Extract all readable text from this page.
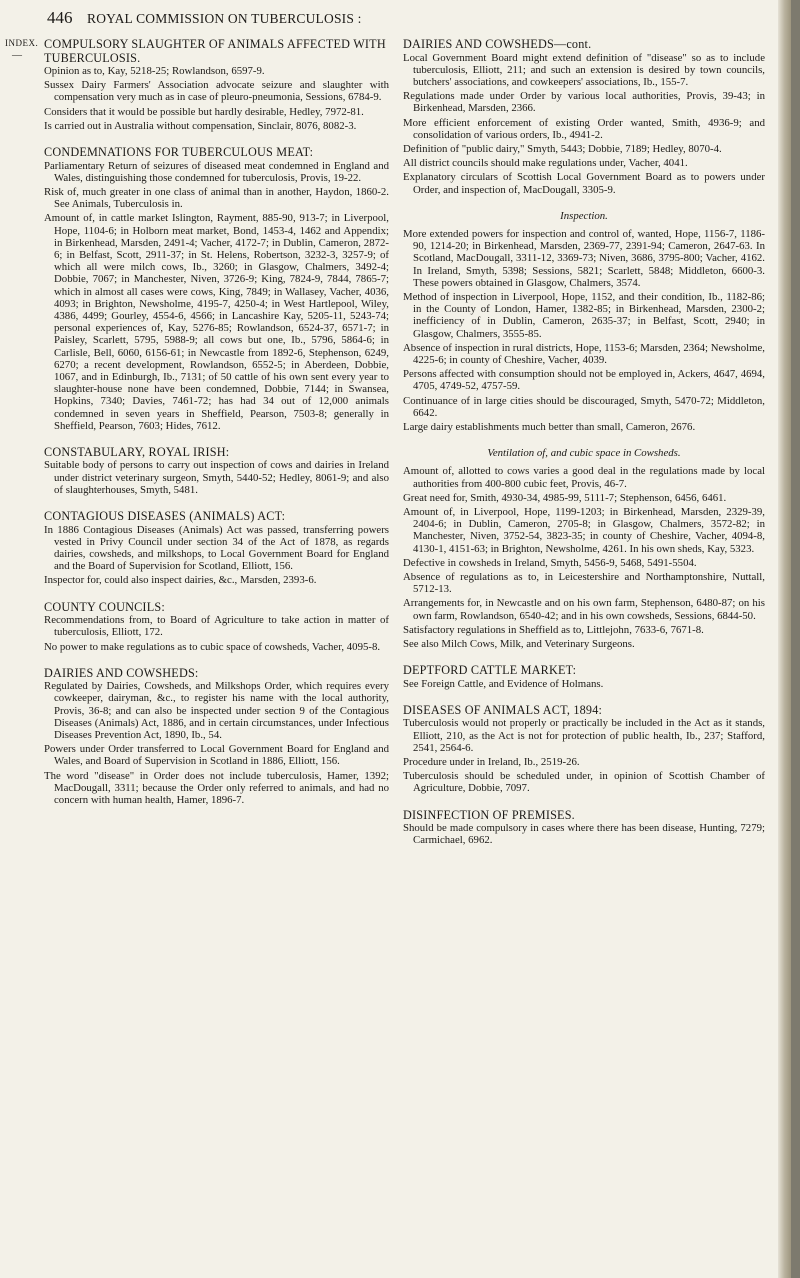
446 ROYAL COMMISSION ON TUBERCULOSIS :
INDEX.
—
COMPULSORY SLAUGHTER OF ANIMALS AFFECTED WITH TUBERCULOSIS.

Opinion as to, Kay, 5218-25; Rowlandson, 6597-9.

Sussex Dairy Farmers' Association advocate seizure and slaughter with compensation very much as in case of pleuro-pneumonia, Sessions, 6784-9.

Considers that it would be possible but hardly desirable, Hedley, 7972-81.

Is carried out in Australia without compensation, Sinclair, 8076, 8082-3.

CONDEMNATIONS FOR TUBERCULOUS MEAT:

Parliamentary Return of seizures of diseased meat condemned in England and Wales, distinguishing those condemned for tuberculosis, Provis, 19-22.

Risk of, much greater in one class of animal than in another, Haydon, 1860-2. See Animals, Tuberculosis in.

Amount of, in cattle market Islington, Rayment, 885-90, 913-7; in Liverpool, Hope, 1104-6; in Holborn meat market, Bond, 1453-4, 1462 and Appendix; in Birkenhead, Marsden, 2491-4; Vacher, 4172-7; in Dublin, Cameron, 2872-6; in Belfast, Scott, 2911-37; in St. Helens, Robertson, 3232-3, 3257-9; of which all were milch cows, Ib., 3260; in Glasgow, Chalmers, 3492-4; Dobbie, 7067; in Manchester, Niven, 3726-9; King, 7824-9, 7844, 7865-7; which in almost all cases were cows, King, 7849; in Wallasey, Vacher, 4036, 4093; in Brighton, Newsholme, 4195-7, 4250-4; in West Hartlepool, Wiley, 4386, 4499; Gourley, 4554-6, 4566; in Lancashire Kay, 5205-11, 5243-74; personal experiences of, Kay, 5276-85; Rowlandson, 6524-37, 6571-7; in Paisley, Scarlett, 5795, 5988-9; all cows but one, Ib., 5796, 5864-6; in Carlisle, Bell, 6060, 6156-61; in Newcastle from 1892-6, Stephenson, 6249, 6270; a recent development, Rowlandson, 6552-5; in Aberdeen, Dobbie, 1067, and in Edinburgh, Ib., 7131; of 50 cattle of his own sent every year to slaughter-house none have been condemned, Dobbie, 7144; in Swansea, Hopkins, 7340; Davies, 7461-72; has had 34 out of 12,000 animals condemned in seven years in Sheffield, Pearson, 7503-8; generally in Sheffield, Pearson, 7603; Hides, 7612.

CONSTABULARY, ROYAL IRISH:

Suitable body of persons to carry out inspection of cows and dairies in Ireland under district veterinary surgeon, Smyth, 5440-52; Hedley, 8061-9; and also of slaughterhouses, Smyth, 5481.

CONTAGIOUS DISEASES (ANIMALS) ACT:

In 1886 Contagious Diseases (Animals) Act was passed, transferring powers vested in Privy Council under section 34 of the Act of 1878, as regards dairies, cowsheds, and milkshops, to Local Government Board for England and the Board of Supervision for Scotland, Elliott, 156.

Inspector for, could also inspect dairies, &c., Marsden, 2393-6.

COUNTY COUNCILS:

Recommendations from, to Board of Agriculture to take action in matter of tuberculosis, Elliott, 172.

No power to make regulations as to cubic space of cowsheds, Vacher, 4095-8.

DAIRIES AND COWSHEDS:

Regulated by Dairies, Cowsheds, and Milkshops Order, which requires every cowkeeper, dairyman, &c., to register his name with the local authority, Provis, 36-8; and can also be inspected under section 9 of the Contagious Diseases (Animals) Act, 1886, and in certain circumstances, under Infectious Diseases Prevention Act, 1890, Ib., 54.

Powers under Order transferred to Local Government Board for England and Wales, and Board of Supervision in Scotland in 1886, Elliott, 156.

The word "disease" in Order does not include tuberculosis, Hamer, 1392; MacDougall, 3311; because the Order only referred to animals, and had no concern with human health, Hamer, 1896-7.

DAIRIES AND COWSHEDS—cont.

Local Government Board might extend definition of "disease" so as to include tuberculosis, Elliott, 211; and such an extension is desired by town councils, butchers' associations, and cowkeepers' associations, Ib., 155-7.

Regulations made under Order by various local authorities, Provis, 39-43; in Birkenhead, Marsden, 2366.

More efficient enforcement of existing Order wanted, Smith, 4936-9; and consolidation of various orders, Ib., 4941-2.

Definition of "public dairy," Smyth, 5443; Dobbie, 7189; Hedley, 8070-4.

All district councils should make regulations under, Vacher, 4041.

Explanatory circulars of Scottish Local Government Board as to powers under Order, and inspection of, MacDougall, 3305-9.

Inspection.

More extended powers for inspection and control of, wanted, Hope, 1156-7, 1186-90, 1214-20; in Birkenhead, Marsden, 2369-77, 2391-94; Cameron, 2647-63. In Scotland, MacDougall, 3311-12, 3369-73; Niven, 3686, 3795-800; Vacher, 4162. In Ireland, Smyth, 5398; Sessions, 5821; Scarlett, 5848; Middleton, 6600-3. These powers obtained in Glasgow, Chalmers, 3574.

Method of inspection in Liverpool, Hope, 1152, and their condition, Ib., 1182-86; in the County of London, Hamer, 1382-85; in Birkenhead, Marsden, 2300-2; inefficiency of in Dublin, Cameron, 2635-37; in Belfast, Scott, 2940; in Glasgow, Chalmers, 3555-85.

Absence of inspection in rural districts, Hope, 1153-6; Marsden, 2364; Newsholme, 4225-6; in county of Cheshire, Vacher, 4039.

Persons affected with consumption should not be employed in, Ackers, 4647, 4694, 4705, 4749-52, 4757-59.

Continuance of in large cities should be discouraged, Smyth, 5470-72; Middleton, 6642.

Large dairy establishments much better than small, Cameron, 2676.

Ventilation of, and cubic space in Cowsheds.

Amount of, allotted to cows varies a good deal in the regulations made by local authorities from 400-800 cubic feet, Provis, 46-7.

Great need for, Smith, 4930-34, 4985-99, 5111-7; Stephenson, 6456, 6461.

Amount of, in Liverpool, Hope, 1199-1203; in Birkenhead, Marsden, 2329-39, 2404-6; in Dublin, Cameron, 2705-8; in Glasgow, Chalmers, 3572-82; in Manchester, Niven, 3752-54, 3823-35; in county of Cheshire, Vacher, 4094-8, 4130-1, 4151-63; in Brighton, Newsholme, 4261. In his own sheds, Kay, 5323.

Defective in cowsheds in Ireland, Smyth, 5456-9, 5468, 5491-5504.

Absence of regulations as to, in Leicestershire and Northamptonshire, Nuttall, 5712-13.

Arrangements for, in Newcastle and on his own farm, Stephenson, 6480-87; on his own farm, Rowlandson, 6540-42; and in his own cowsheds, Sessions, 6844-50.

Satisfactory regulations in Sheffield as to, Littlejohn, 7633-6, 7671-8.

See also Milch Cows, Milk, and Veterinary Surgeons.

DEPTFORD CATTLE MARKET:

See Foreign Cattle, and Evidence of Holmans.

DISEASES OF ANIMALS ACT, 1894:

Tuberculosis would not properly or practically be included in the Act as it stands, Elliott, 210, as the Act is not for protection of public health, Ib., 237; Stafford, 2541, 2564-6.

Procedure under in Ireland, Ib., 2519-26.

Tuberculosis should be scheduled under, in opinion of Scottish Chamber of Agriculture, Dobbie, 7097.

DISINFECTION OF PREMISES.

Should be made compulsory in cases where there has been disease, Hunting, 7279; Carmichael, 6962.
